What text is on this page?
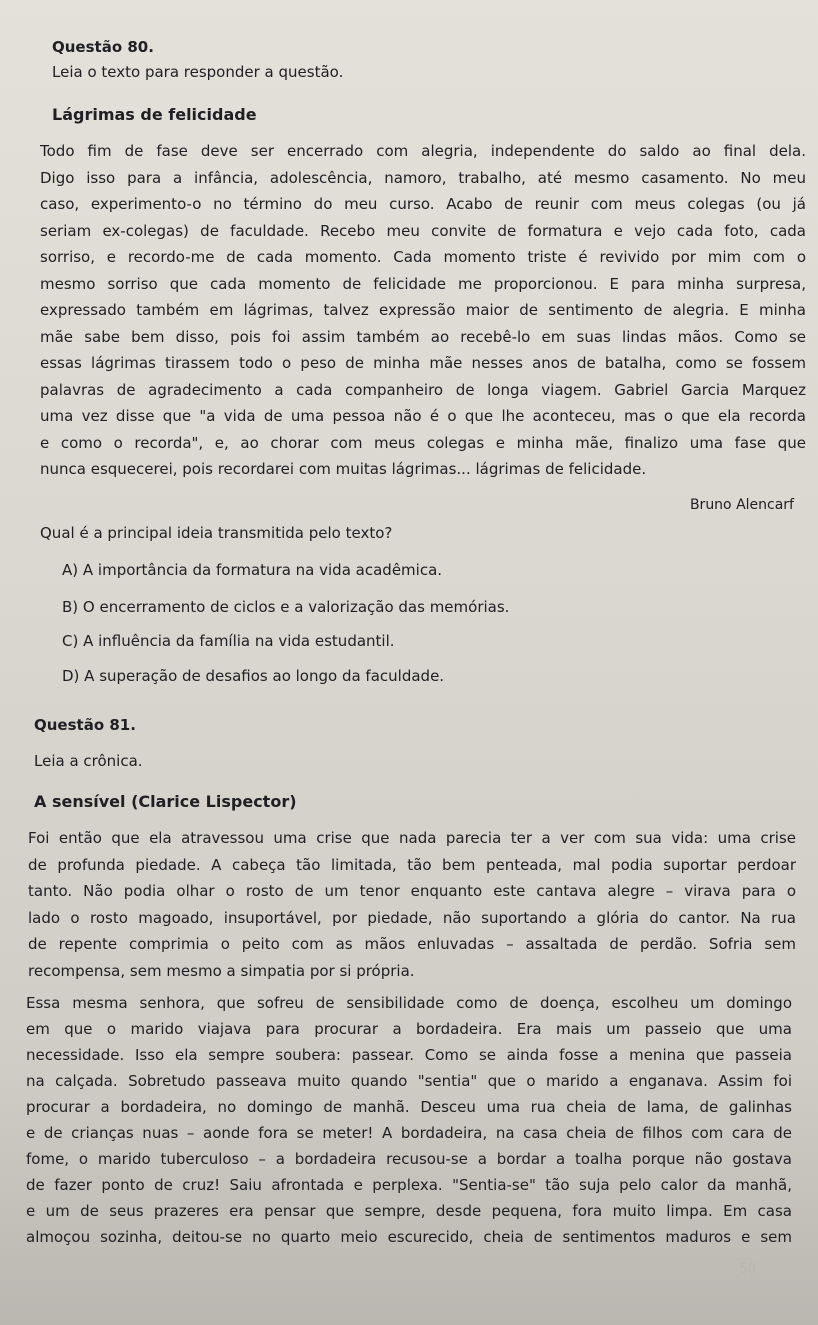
Questão 80.
Leia o texto para responder a questão.
Lágrimas de felicidade

Todo fim de fase deve ser encerrado com alegria, independente do saldo ao final dela.

Digo isso para a infância, adolescência, namoro, trabalho, até mesmo casamento. No meu

caso, experimento-o no término do meu curso. Acabo de reunir com meus colegas (ou já

seriam ex-colegas) de faculdade. Recebo meu convite de formatura e vejo cada foto, cada

sorriso, e recordo-me de cada momento. Cada momento triste é revivido por mim com o

mesmo sorriso que cada momento de felicidade me proporcionou. E para minha surpresa,

expressado também em lágrimas, talvez expressão maior de sentimento de alegria. E minha

mãe sabe bem disso, pois foi assim também ao recebê-lo em suas lindas mãos. Como se

essas lágrimas tirassem todo o peso de minha mãe nesses anos de batalha, como se fossem

palavras de agradecimento a cada companheiro de longa viagem. Gabriel Garcia Marquez

uma vez disse que "a vida de uma pessoa não é o que lhe aconteceu, mas o que ela recorda

e como o recorda", e, ao chorar com meus colegas e minha mãe, finalizo uma fase que

nunca esquecerei, pois recordarei com muitas lágrimas... lágrimas de felicidade.

Bruno Alencarf
Qual é a principal ideia transmitida pelo texto?
A) A importância da formatura na vida acadêmica.
B) O encerramento de ciclos e a valorização das memórias.
C) A influência da família na vida estudantil.
D) A superação de desafios ao longo da faculdade.
Questão 81.
Leia a crônica.
A sensível (Clarice Lispector)

Foi então que ela atravessou uma crise que nada parecia ter a ver com sua vida: uma crise

de profunda piedade. A cabeça tão limitada, tão bem penteada, mal podia suportar perdoar

tanto. Não podia olhar o rosto de um tenor enquanto este cantava alegre – virava para o

lado o rosto magoado, insuportável, por piedade, não suportando a glória do cantor. Na rua

de repente comprimia o peito com as mãos enluvadas – assaltada de perdão. Sofria sem

recompensa, sem mesmo a simpatia por si própria.

Essa mesma senhora, que sofreu de sensibilidade como de doença, escolheu um domingo

em que o marido viajava para procurar a bordadeira. Era mais um passeio que uma

necessidade. Isso ela sempre soubera: passear. Como se ainda fosse a menina que passeia

na calçada. Sobretudo passeava muito quando "sentia" que o marido a enganava. Assim foi

procurar a bordadeira, no domingo de manhã. Desceu uma rua cheia de lama, de galinhas

e de crianças nuas – aonde fora se meter! A bordadeira, na casa cheia de filhos com cara de

fome, o marido tuberculoso – a bordadeira recusou-se a bordar a toalha porque não gostava

de fazer ponto de cruz! Saiu afrontada e perplexa. "Sentia-se" tão suja pelo calor da manhã,

e um de seus prazeres era pensar que sempre, desde pequena, fora muito limpa. Em casa

almoçou sozinha, deitou-se no quarto meio escurecido, cheia de sentimentos maduros e sem

50
